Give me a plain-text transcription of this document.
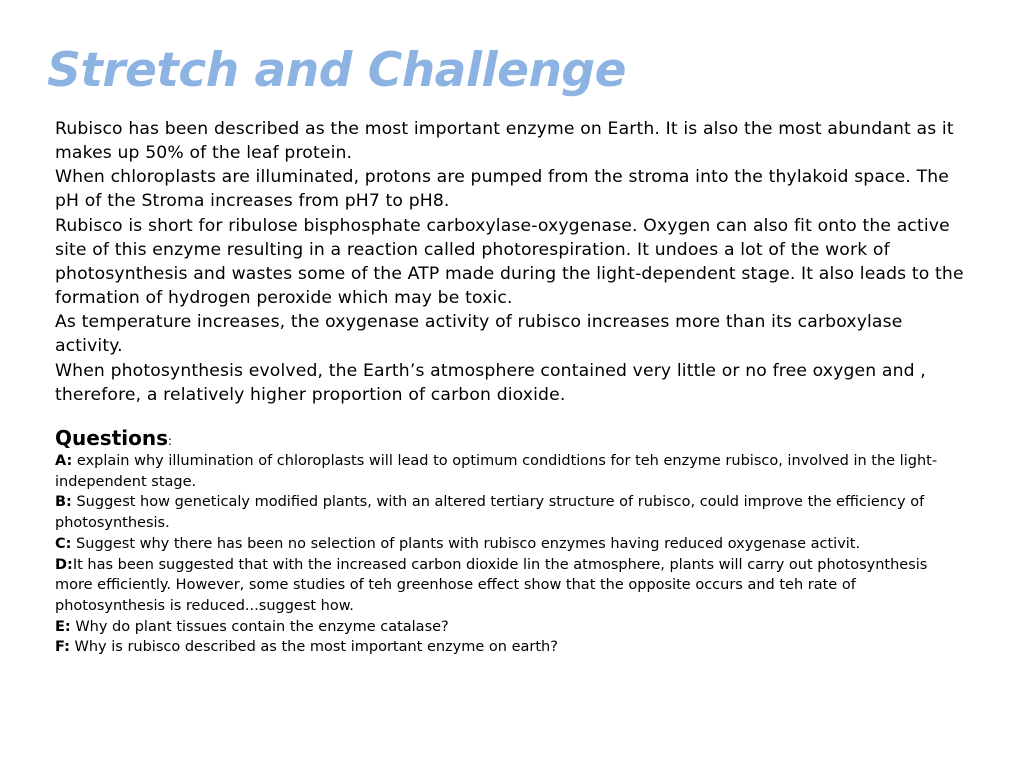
Stretch and Challenge

Rubisco has been described as the most important enzyme on Earth. It is also the most abundant as it makes up 50% of the leaf protein.

When chloroplasts are illuminated, protons are pumped from the stroma into the thylakoid space. The pH of the Stroma increases from pH7 to pH8.

Rubisco is short for ribulose bisphosphate carboxylase-oxygenase. Oxygen can also fit onto the active site of this enzyme resulting in a reaction called photorespiration. It undoes a lot of the work of photosynthesis and wastes some of the ATP made during the light-dependent stage. It also leads to the formation of hydrogen peroxide which may be toxic.

As temperature increases, the oxygenase activity of rubisco increases more than its carboxylase activity.

When photosynthesis evolved, the Earth’s atmosphere contained very little or no free oxygen and , therefore, a relatively higher proportion of carbon dioxide.

Questions:

A: explain why illumination of chloroplasts will lead to optimum condidtions for teh enzyme rubisco, involved in the light-independent stage.

B: Suggest how geneticaly modified plants, with an altered tertiary structure of rubisco, could improve the efficiency of photosynthesis.

C: Suggest why there has been no selection of plants with rubisco enzymes having reduced oxygenase activit.

D:It has been suggested that with the increased carbon dioxide lin the atmosphere, plants will carry out photosynthesis more efficiently. However, some studies of teh greenhose effect show that the opposite occurs and teh rate of photosynthesis is reduced...suggest how.

E: Why do plant tissues contain the enzyme catalase?

F: Why is rubisco described as the most important enzyme on earth?
